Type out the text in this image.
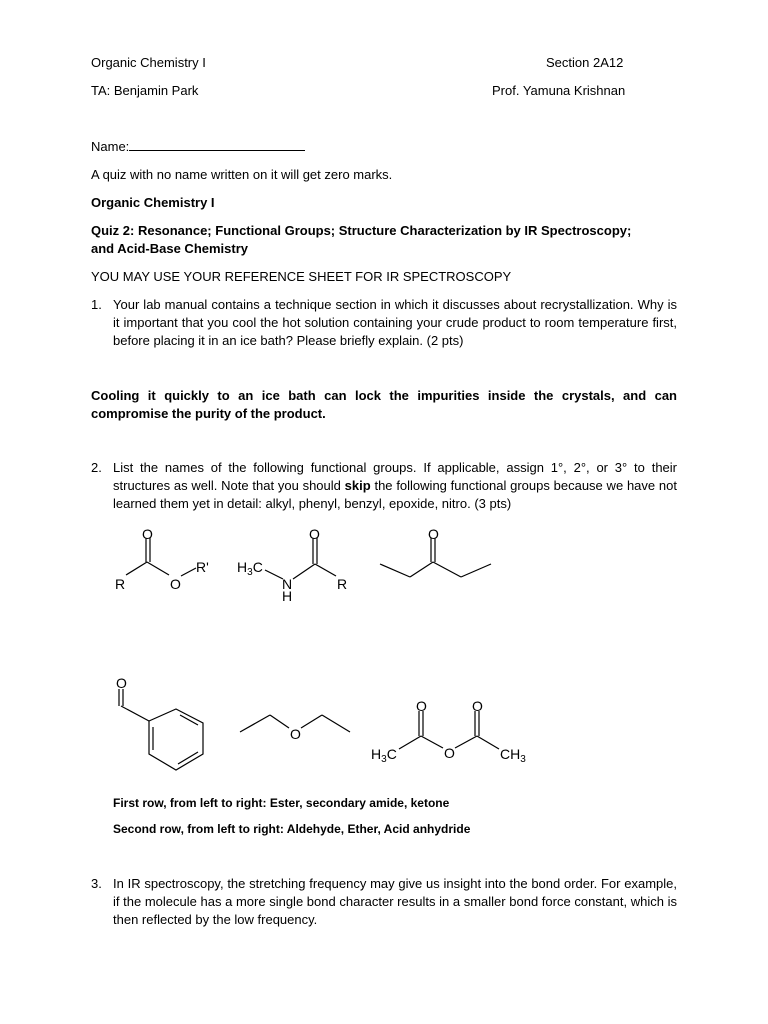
Organic Chemistry I	Section 2A12
TA: Benjamin Park	Prof. Yamuna Krishnan
Name:
A quiz with no name written on it will get zero marks.
Organic Chemistry I
Quiz 2: Resonance; Functional Groups; Structure Characterization by IR Spectroscopy;
and Acid-Base Chemistry
YOU MAY USE YOUR REFERENCE SHEET FOR IR SPECTROSCOPY
1. Your lab manual contains a technique section in which it discusses about recrystallization. Why is it important that you cool the hot solution containing your crude product to room temperature first, before placing it in an ice bath? Please briefly explain. (2 pts)
Cooling it quickly to an ice bath can lock the impurities inside the crystals, and can compromise the purity of the product.
2. List the names of the following functional groups. If applicable, assign 1°, 2°, or 3° to their structures as well. Note that you should skip the following functional groups because we have not learned them yet in detail: alkyl, phenyl, benzyl, epoxide, nitro. (3 pts)
O
R	O
R' $H_3C$
O
N
H
R
O
O
O
O	O
$H_3C$	O	$CH_3$
First row, from left to right: Ester, secondary amide, ketone
Second row, from left to right: Aldehyde, Ether, Acid anhydride
3. In IR spectroscopy, the stretching frequency may give us insight into the bond order. For example, if the molecule has a more single bond character results in a smaller bond force constant, which is then reflected by the low frequency.
